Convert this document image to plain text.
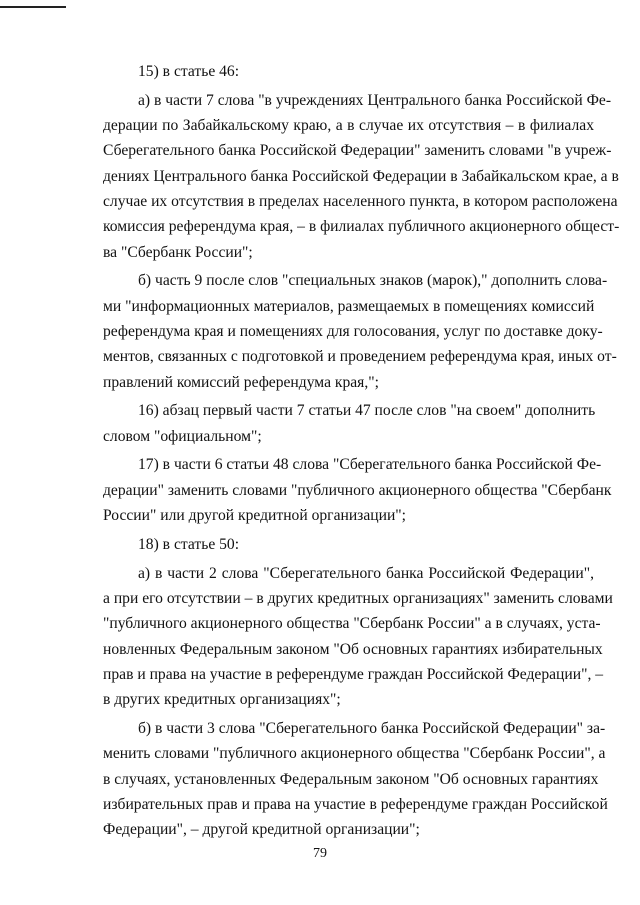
15) в статье 46:
а) в части 7 слова "в учреждениях Центрального банка Российской Фе-
дерации по Забайкальскому краю, а в случае их отсутствия – в филиалах
Сберегательного банка Российской Федерации" заменить словами "в учреж-
дениях Центрального банка Российской Федерации в Забайкальском крае, а в
случае их отсутствия в пределах населенного пункта, в котором расположена
комиссия референдума края, – в филиалах публичного акционерного общест-
ва "Сбербанк России";
б) часть 9 после слов "специальных знаков (марок)," дополнить слова-
ми "информационных материалов, размещаемых в помещениях комиссий
референдума края и помещениях для голосования, услуг по доставке доку-
ментов, связанных с подготовкой и проведением референдума края, иных от-
правлений комиссий референдума края,";
16) абзац первый части 7 статьи 47 после слов "на своем" дополнить
словом "официальном";
17) в части 6 статьи 48 слова "Сберегательного банка Российской Фе-
дерации" заменить словами "публичного акционерного общества "Сбербанк
России" или другой кредитной организации";
18) в статье 50:
а) в части 2 слова "Сберегательного банка Российской Федерации",
а при его отсутствии – в других кредитных организациях" заменить словами
"публичного акционерного общества "Сбербанк России" а в случаях, уста-
новленных Федеральным законом "Об основных гарантиях избирательных
прав и права на участие в референдуме граждан Российской Федерации", –
в других кредитных организациях";
б) в части 3 слова "Сберегательного банка Российской Федерации" за-
менить словами "публичного акционерного общества "Сбербанк России", а
в случаях, установленных Федеральным законом "Об основных гарантиях
избирательных прав и права на участие в референдуме граждан Российской
Федерации", – другой кредитной организации";
79
